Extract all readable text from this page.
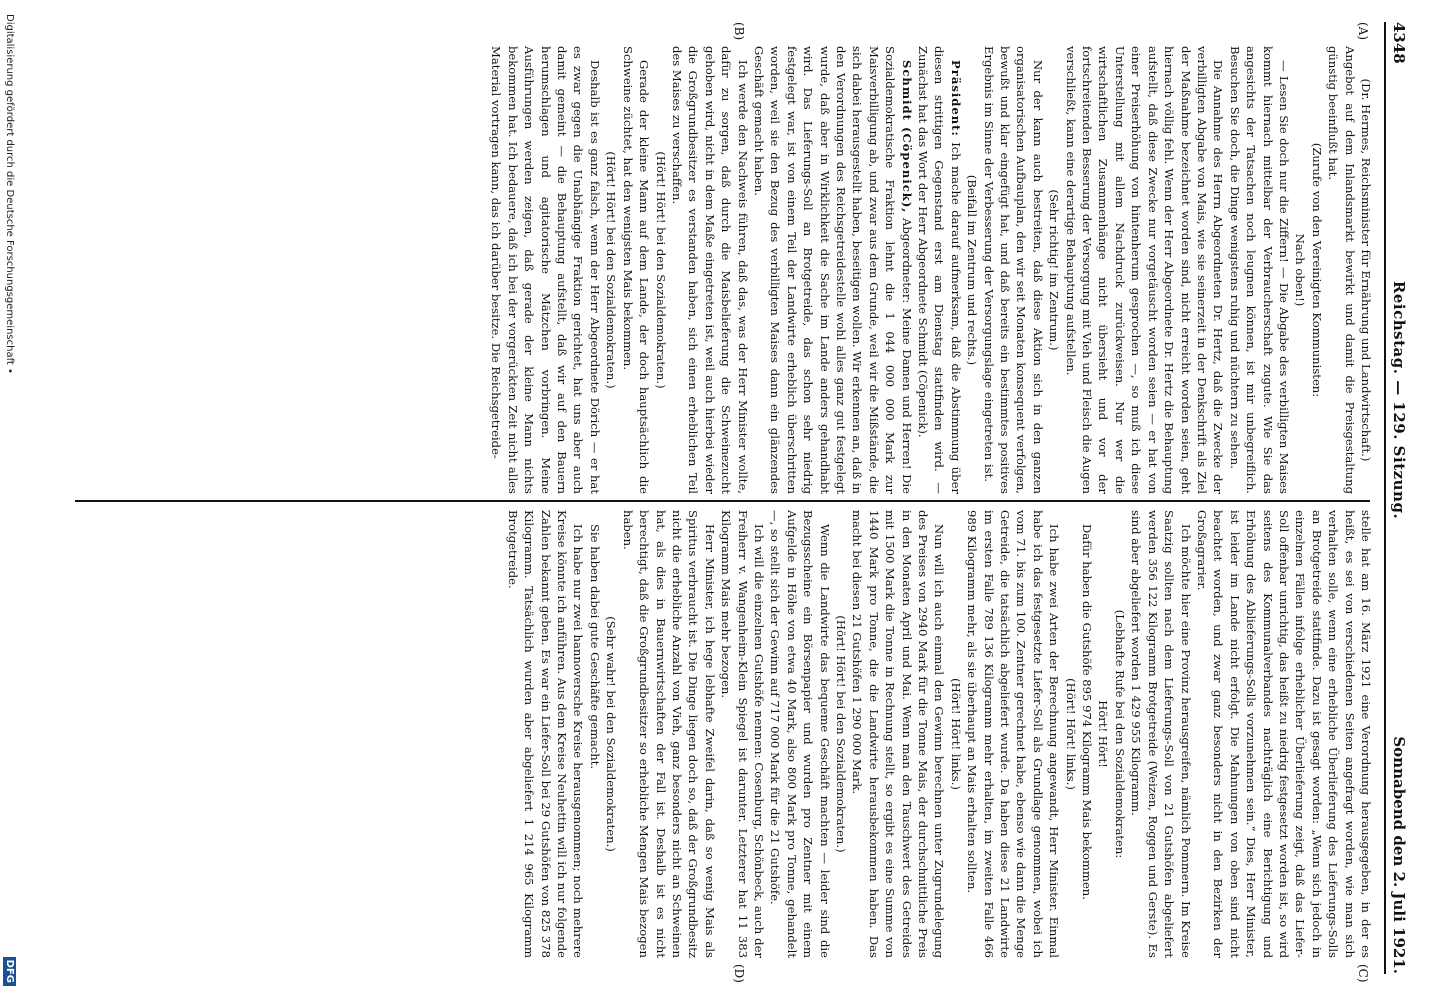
4348
Reichstag. — 129. Sitzung.
Sonnabend den 2. Juli 1921.
(A)
(B)
(C)
(D)

(Dr. Hermes, Reichsminister für Ernährung und Landwirtschaft.)

Angebot auf dem Inlandsmarkt bewirkt und damit die Preisgestaltung günstig beeinflußt hat.

(Zurufe von den Vereinigten Kommunisten:

Nach oben!)

— Lesen Sie doch nur die Ziffern! — Die Abgabe des verbilligten Maises kommt hiernach mittelbar der Verbraucherschaft zugute. Wie Sie das angesichts der Tatsachen noch leugnen können, ist mir unbegreiflich. Besuchen Sie doch, die Dinge wenigstens ruhig und nüchtern zu sehen.

Die Annahme des Herrn Abgeordneten Dr. Hertz, daß die Zwecke der verbilligten Abgabe von Mais, wie sie seinerzeit in der Denkschrift als Ziel der Maßnahme bezeichnet worden sind, nicht erreicht worden seien, geht hiernach völlig fehl. Wenn der Herr Abgeordnete Dr. Hertz die Behauptung aufstellt, daß diese Zwecke nur vorgetäuscht worden seien — er hat von einer Preiserhöhung von hintenherum gesprochen —, so muß ich diese Unterstellung mit allem Nachdruck zurückweisen. Nur wer die wirtschaftlichen Zusammenhänge nicht übersieht und vor der fortschreitenden Besserung der Versorgung mit Vieh und Fleisch die Augen verschließt, kann eine derartige Behauptung aufstellen.

(Sehr richtig! im Zentrum.)

Nur der kann auch bestreiten, daß diese Aktion sich in den ganzen organisatorischen Aufbauplan, den wir seit Monaten konsequent verfolgen, bewußt und klar eingefügt hat, und daß bereits ein bestimmtes positives Ergebnis im Sinne der Verbesserung der Versorgungslage eingetreten ist.

(Beifall im Zentrum und rechts.)

Präsident: Ich mache darauf aufmerksam, daß die Abstimmung über diesen strittigen Gegenstand erst am Dienstag stattfinden wird. — Zunächst hat das Wort der Herr Abgeordnete Schmidt (Cöpenick).

Schmidt (Cöpenick), Abgeordneter: Meine Damen und Herren! Die Sozialdemokratische Fraktion lehnt die 1 044 000 000 Mark zur Maisverbilligung ab, und zwar aus dem Grunde, weil wir die Mißstände, die sich dabei herausgestellt haben, beseitigen wollen. Wir erkennen an, daß in den Verordnungen des Reichsgetreidestelle wohl alles ganz gut festgelegt wurde, daß aber in Wirklichkeit die Sache im Lande anders gehandhabt wird. Das Lieferungs-Soll an Brotgetreide, das schon sehr niedrig festgelegt war, ist von einem Teil der Landwirte erheblich überschritten worden, weil sie den Bezug des verbilligten Maises dann ein glänzendes Geschäft gemacht haben.

Ich werde den Nachweis führen, daß das, was der Herr Minister wollte, dafür zu sorgen, daß durch die Maisbelieferung die Schweinezucht gehoben wird, nicht in dem Maße eingetreten ist, weil auch hierbei wieder die Großgrundbesitzer es verstanden haben, sich einen erheblichen Teil des Maises zu verschaffen.

(Hört! Hört! bei den Sozialdemokraten.)

Gerade der kleine Mann auf dem Lande, der doch hauptsächlich die Schweine züchtet, hat den wenigsten Mais bekommen.

(Hört! Hört! bei den Sozialdemokraten.)

Deshalb ist es ganz falsch, wenn der Herr Abgeordnete Dörich — er hat es zwar gegen die Unabhängige Fraktion gerichtet, hat uns aber auch damit gemeint — die Behauptung aufstellt, daß wir auf den Bauern herumschlagen und agitatorische Mätzchen vorbringen. Meine Ausführungen werden zeigen, daß gerade der kleine Mann nichts bekommen hat. Ich bedauere, daß ich bei der vorgerückten Zeit nicht alles Material vortragen kann, das ich darüber besitze. Die Reichsgetreide-

stelle hat am 16. März 1921 eine Verordnung herausgegeben, in der es heißt, es sei von verschiedenen Seiten angefragt worden, wie man sich verhalten solle, wenn eine erhebliche Überlieferung des Lieferungs-Solls an Brotgetreide stattfinde. Dazu ist gesagt worden: „Wenn sich jedoch in einzelnen Fällen infolge erheblicher Überlieferung zeigt, daß das Liefer-Soll offenbar unrichtig, das heißt zu niedrig festgesetzt worden ist, so wird seitens des Kommunalverbandes nachträglich eine Berichtigung und Erhöhung des Ablieferungs-Solls vorzunehmen sein.“ Dies, Herr Minister, ist leider im Lande nicht erfolgt. Die Mahnungen von oben sind nicht beachtet worden, und zwar ganz besonders nicht in den Bezirken der Großagrarier.

Ich möchte hier eine Provinz herausgreifen, nämlich Pommern. Im Kreise Saatzig sollten nach dem Lieferungs-Soll von 21 Gutshöfen abgeliefert werden 356 122 Kilogramm Brotgetreide (Weizen, Roggen und Gerste). Es sind aber abgeliefert worden 1 429 955 Kilogramm.

(Lebhafte Rufe bei den Sozialdemokraten:

Hört! Hört!

Dafür haben die Gutshöfe 895 974 Kilogramm Mais bekommen.

(Hört! Hört! links.)

Ich habe zwei Arten der Berechnung angewandt, Herr Minister. Einmal habe ich das festgesetzte Liefer-Soll als Grundlage genommen, wobei ich vom 71. bis zum 100. Zentner gerechnet habe, ebenso wie dann die Menge Getreide, die tatsächlich abgeliefert wurde. Da haben diese 21 Landwirte im ersten Falle 789 136 Kilogramm mehr erhalten, im zweiten Falle 466 989 Kilogramm mehr, als sie überhaupt an Mais erhalten sollten.

(Hört! Hört! links.)

Nun will ich auch einmal den Gewinn berechnen unter Zugrundelegung des Preises von 2940 Mark für die Tonne Mais, der durchschnittliche Preis in den Monaten April und Mai. Wenn man den Tauschwert des Getreides mit 1500 Mark die Tonne in Rechnung stellt, so ergibt es eine Summe von 1440 Mark pro Tonne, die die Landwirte herausbekommen haben. Das macht bei diesen 21 Gutshöfen 1 290 000 Mark.

(Hört! Hört! bei den Sozialdemokraten.)

Wenn die Landwirte das bequeme Geschäft machten — leider sind die Bezugsscheine ein Börsenpapier und wurden pro Zentner mit einem Aufgelde in Höhe von etwa 40 Mark, also 800 Mark pro Tonne, gehandelt —, so stellt sich der Gewinn auf 717 000 Mark für die 21 Gutshöfe.

Ich will die einzelnen Gutshöfe nennen: Cosenburg, Schönbeck, auch der Freiherr v. Wangenheim-Klein Spiegel ist darunter. Letzterer hat 11 383 Kilogramm Mais mehr bezogen.

Herr Minister, ich hege lebhafte Zweifel darin, daß so wenig Mais als Spiritus verbraucht ist. Die Dinge liegen doch so, daß der Großgrundbesitz nicht die erhebliche Anzahl von Vieh, ganz besonders nicht an Schweinen hat, als dies in Bauernwirtschaften der Fall ist. Deshalb ist es nicht berechtigt, daß die Großgrundbesitzer so erhebliche Mengen Mais bezogen haben.

(Sehr wahr! bei den Sozialdemokraten.)

Sie haben dabei gute Geschäfte gemacht.

Ich habe nur zwei hannoversche Kreise herausgenommen; noch mehrere Kreise könnte ich anführen. Aus dem Kreise Neuhettin will ich nur folgende Zahlen bekannt geben. Es war ein Liefer-Soll bei 29 Gutshöfen von 825 378 Kilogramm. Tatsächlich wurden aber abgeliefert 1 214 965 Kilogramm Brotgetreide.

Digitalisierung gefördert durch die Deutsche Forschungsgemeinschaft •
DFG
